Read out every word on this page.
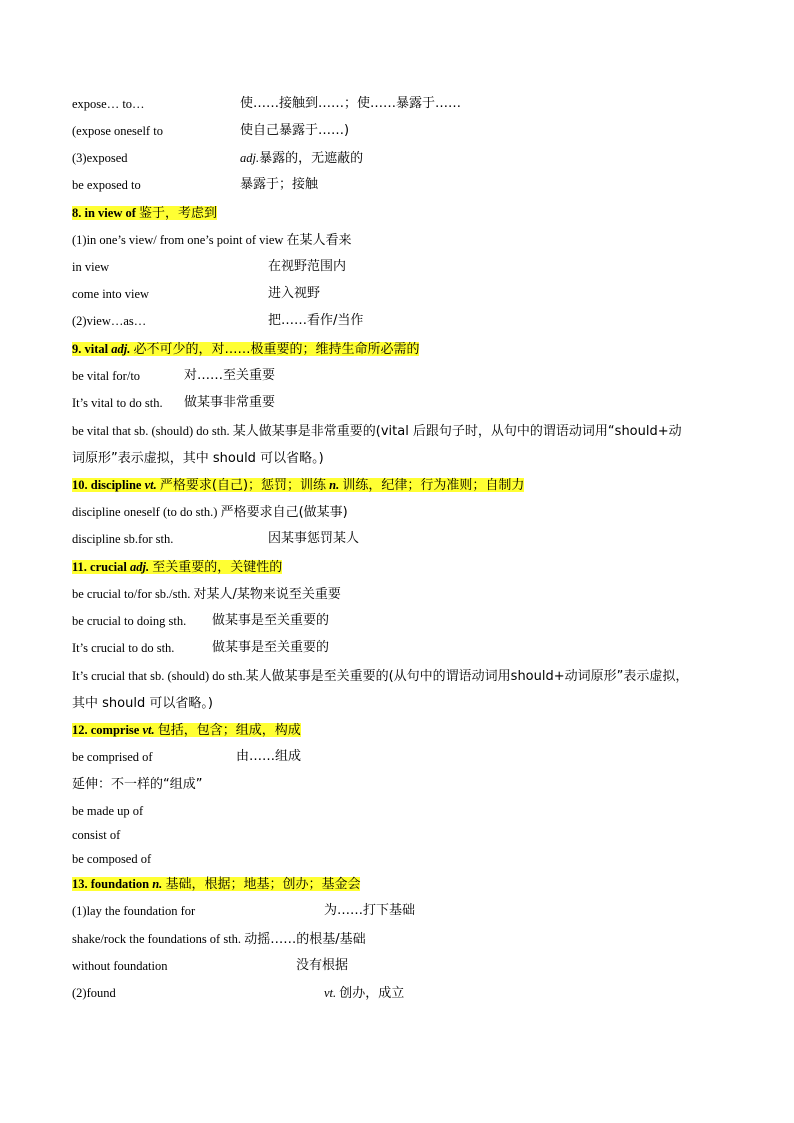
expose… to…	使……接触到……；使……暴露于……
(expose oneself to	使自己暴露于……)
(3)exposed	adj.暴露的，无遮蔽的
be exposed to	暴露于；接触
8. in view of 鉴于，考虑到
(1)in one’s view/ from one’s point of view 在某人看来
in view	在视野范围内
come into view	进入视野
(2)view…as…	把……看作/当作
9. vital adj. 必不可少的，对……极重要的；维持生命所必需的
be vital for/to	对……至关重要
It’s vital to do sth. 做某事非常重要
be vital that sb. (should) do sth. 某人做某事是非常重要的(vital 后跟句子时，从句中的谓语动词用“should+动
词原形”表示虚拟，其中 should 可以省略。)
10. discipline vt. 严格要求(自己)；惩罚；训练 n. 训练，纪律；行为准则；自制力
discipline oneself (to do sth.) 严格要求自己(做某事)
discipline sb.for sth.	因某事惩罚某人
11. crucial adj. 至关重要的，关键性的
be crucial to/for sb./sth. 对某人/某物来说至关重要
be crucial to doing sth. 做某事是至关重要的
It’s crucial to do sth.	做某事是至关重要的
It’s crucial that sb. (should) do sth.某人做某事是至关重要的(从句中的谓语动词用should+动词原形”表示虚拟，
其中 should 可以省略。)
12. comprise vt. 包括，包含；组成，构成
be comprised of	由……组成
延伸：不一样的“组成”
be made up of
consist of
be composed of
13. foundation n. 基础，根据；地基；创办；基金会
(1)lay the foundation for	为……打下基础
shake/rock the foundations of sth. 动摇……的根基/基础
without foundation	没有根据
(2)found	vt. 创办，成立
